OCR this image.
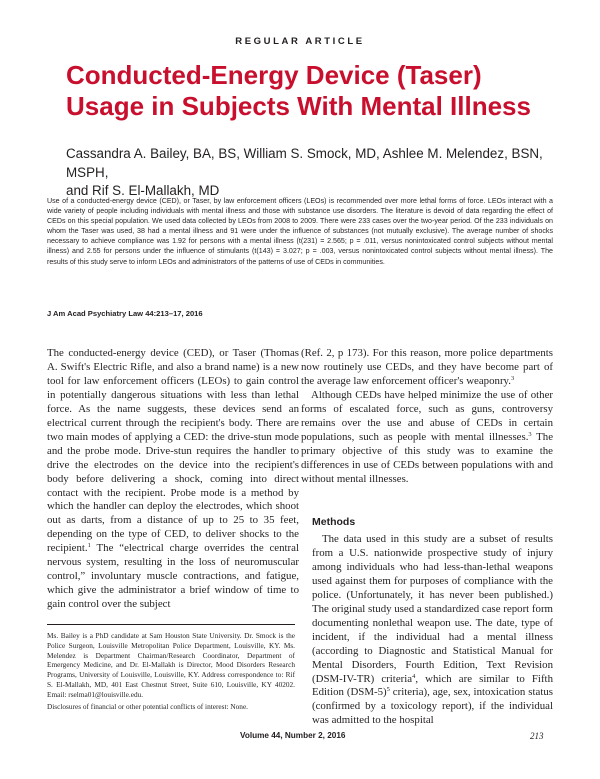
REGULAR ARTICLE
Conducted-Energy Device (Taser)
Usage in Subjects With Mental Illness

Cassandra A. Bailey, BA, BS, William S. Smock, MD, Ashlee M. Melendez, BSN, MSPH,
and Rif S. El-Mallakh, MD

Use of a conducted-energy device (CED), or Taser, by law enforcement officers (LEOs) is recommended over more lethal forms of force. LEOs interact with a wide variety of people including individuals with mental illness and those with substance use disorders. The literature is devoid of data regarding the effect of CEDs on this special population. We used data collected by LEOs from 2008 to 2009. There were 233 cases over the two-year period. Of the 233 individuals on whom the Taser was used, 38 had a mental illness and 91 were under the influence of substances (not mutually exclusive). The average number of shocks necessary to achieve compliance was 1.92 for persons with a mental illness (t(231) = 2.565; p = .011, versus nonintoxicated control subjects without mental illness) and 2.55 for persons under the influence of stimulants (t(143) = 3.027; p = .003, versus nonintoxicated control subjects without mental illness). The results of this study serve to inform LEOs and administrators of the patterns of use of CEDs in communities.

J Am Acad Psychiatry Law 44:213–17, 2016

The conducted-energy device (CED), or Taser (Thomas A. Swift's Electric Rifle, and also a brand name) is a new tool for law enforcement officers (LEOs) to gain control in potentially dangerous situations with less than lethal force. As the name suggests, these devices send an electrical current through the recipient's body. There are two main modes of applying a CED: the drive-stun mode and the probe mode. Drive-stun requires the handler to drive the electrodes on the device into the recipient's body before delivering a shock, coming into direct contact with the recipient. Probe mode is a method by which the handler can deploy the electrodes, which shoot out as darts, from a distance of up to 25 to 35 feet, depending on the type of CED, to deliver shocks to the recipient.$^1$ The “electrical charge overrides the central nervous system, resulting in the loss of neuromuscular control,” involuntary muscle contractions, and fatigue, which give the administrator a brief window of time to gain control over the subject

(Ref. 2, p 173). For this reason, more police departments now routinely use CEDs, and they have become part of the average law enforcement officer's weaponry.$^3$

Although CEDs have helped minimize the use of other forms of escalated force, such as guns, controversy remains over the use and abuse of CEDs in certain populations, such as people with mental illnesses.$^3$ The primary objective of this study was to examine the differences in use of CEDs between populations with and without mental illnesses.

Methods

The data used in this study are a subset of results from a U.S. nationwide prospective study of injury among individuals who had less-than-lethal weapons used against them for purposes of compliance with the police. (Unfortunately, it has never been published.) The original study used a standardized case report form documenting nonlethal weapon use. The date, type of incident, if the individual had a mental illness (according to Diagnostic and Statistical Manual for Mental Disorders, Fourth Edition, Text Revision (DSM-IV-TR) criteria$^4$, which are similar to Fifth Edition $(DSM-5)^5$ criteria), age, sex, intoxication status (confirmed by a toxicology report), if the individual was admitted to the hospital

Ms. Bailey is a PhD candidate at Sam Houston State University. Dr. Smock is the Police Surgeon, Louisville Metropolitan Police Department, Louisville, KY. Ms. Melendez is Department Chairman/Research Coordinator, Department of Emergency Medicine, and Dr. El-Mallakh is Director, Mood Disorders Research Programs, University of Louisville, Louisville, KY. Address correspondence to: Rif S. El-Mallakh, MD, 401 East Chestnut Street, Suite 610, Louisville, KY 40202. Email: rselma01@louisville.edu.

Disclosures of financial or other potential conflicts of interest: None.

Volume 44, Number 2, 2016	213
